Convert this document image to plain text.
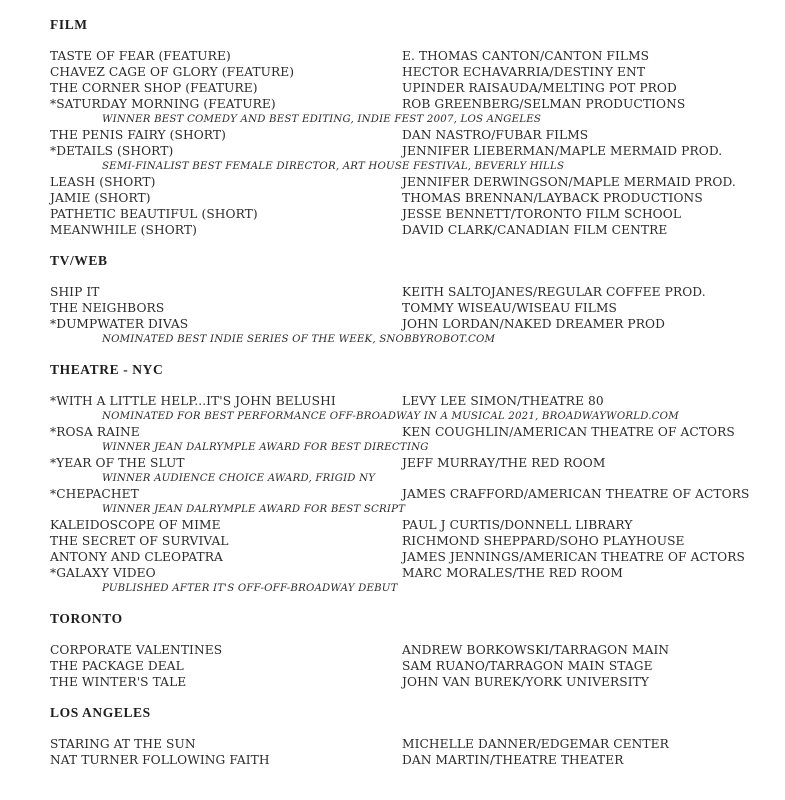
FILM
TASTE OF FEAR (FEATURE)	E. THOMAS CANTON/CANTON FILMS
CHAVEZ CAGE OF GLORY (FEATURE)	HECTOR ECHAVARRIA/DESTINY ENT
THE CORNER SHOP (FEATURE)	UPINDER RAISAUDA/MELTING POT PROD
*SATURDAY MORNING (FEATURE)	ROB GREENBERG/SELMAN PRODUCTIONS
WINNER BEST COMEDY AND BEST EDITING, INDIE FEST 2007, LOS ANGELES
THE PENIS FAIRY (SHORT)	DAN NASTRO/FUBAR FILMS
*DETAILS (SHORT)	JENNIFER LIEBERMAN/MAPLE MERMAID PROD.
SEMI-FINALIST BEST FEMALE DIRECTOR, ART HOUSE FESTIVAL, BEVERLY HILLS
LEASH (SHORT)	JENNIFER DERWINGSON/MAPLE MERMAID PROD.
JAMIE (SHORT)	THOMAS BRENNAN/LAYBACK PRODUCTIONS
PATHETIC BEAUTIFUL (SHORT)	JESSE BENNETT/TORONTO FILM SCHOOL
MEANWHILE (SHORT)	DAVID CLARK/CANADIAN FILM CENTRE
TV/WEB
SHIP IT	KEITH SALTOJANES/REGULAR COFFEE PROD.
THE NEIGHBORS	TOMMY WISEAU/WISEAU FILMS
*DUMPWATER DIVAS	JOHN LORDAN/NAKED DREAMER PROD
NOMINATED BEST INDIE SERIES OF THE WEEK, SNOBBYROBOT.COM
THEATRE - NYC
*WITH A LITTLE HELP...IT'S JOHN BELUSHI	LEVY LEE SIMON/THEATRE 80
NOMINATED FOR BEST PERFORMANCE OFF-BROADWAY IN A MUSICAL 2021, BROADWAYWORLD.COM
*ROSA RAINE	KEN COUGHLIN/AMERICAN THEATRE OF ACTORS
WINNER JEAN DALRYMPLE AWARD FOR BEST DIRECTING
*YEAR OF THE SLUT	JEFF MURRAY/THE RED ROOM
WINNER AUDIENCE CHOICE AWARD, FRIGID NY
*CHEPACHET	JAMES CRAFFORD/AMERICAN THEATRE OF ACTORS
WINNER JEAN DALRYMPLE AWARD FOR BEST SCRIPT
KALEIDOSCOPE OF MIME	PAUL J CURTIS/DONNELL LIBRARY
THE SECRET OF SURVIVAL	RICHMOND SHEPPARD/SOHO PLAYHOUSE
ANTONY AND CLEOPATRA	JAMES JENNINGS/AMERICAN THEATRE OF ACTORS
*GALAXY VIDEO	MARC MORALES/THE RED ROOM
PUBLISHED AFTER IT'S OFF-OFF-BROADWAY DEBUT
TORONTO
CORPORATE VALENTINES	ANDREW BORKOWSKI/TARRAGON MAIN
THE PACKAGE DEAL	SAM RUANO/TARRAGON MAIN STAGE
THE WINTER'S TALE	JOHN VAN BUREK/YORK UNIVERSITY
LOS ANGELES
STARING AT THE SUN	MICHELLE DANNER/EDGEMAR CENTER
NAT TURNER FOLLOWING FAITH	DAN MARTIN/THEATRE THEATER
